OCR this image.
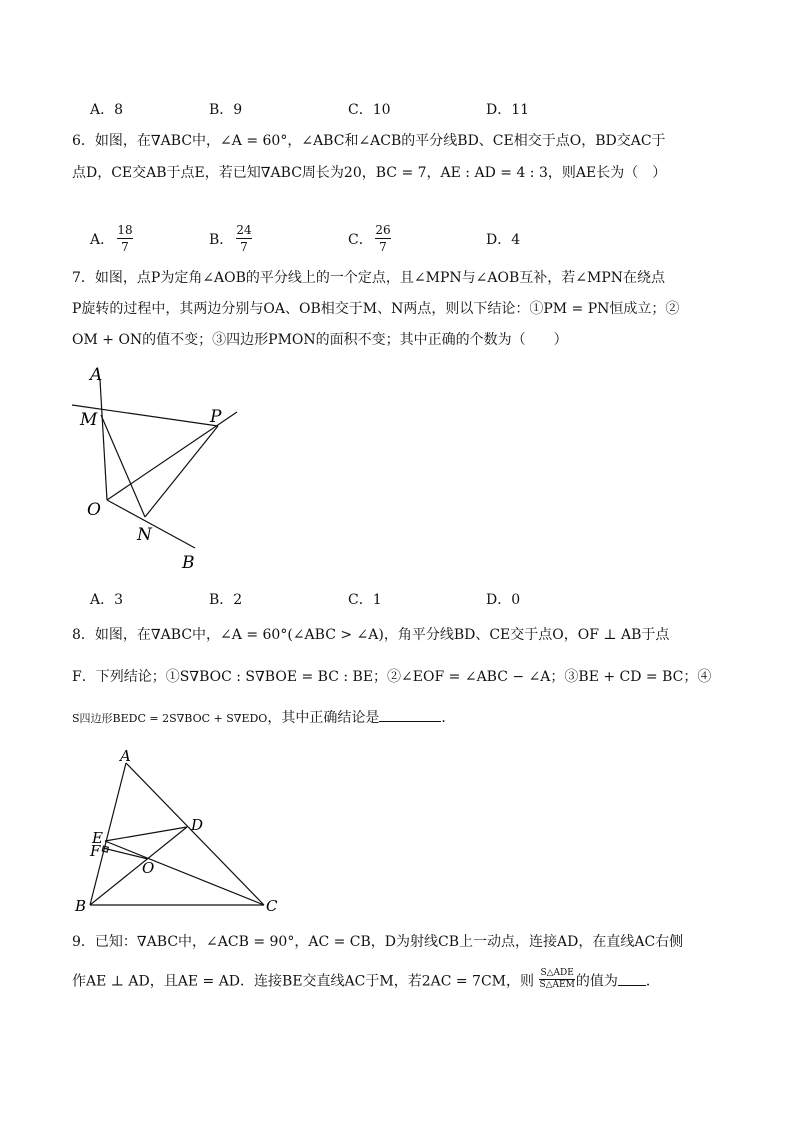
A．8	B．9	C．10	D．11
6．如图，在∇ABC中，∠A = 60°，∠ABC和∠ACB的平分线BD、CE相交于点O，BD交AC于
点D，CE交AB于点E，若已知∇ABC周长为20，BC = 7，AE : AD = 4 : 3，则AE长为（　）
A．
18
7	B．
24
7	C．
26
7	D．4
7．如图，点P为定角∠AOB的平分线上的一个定点，且∠MPN与∠AOB互补，若∠MPN在绕点
P旋转的过程中，其两边分别与OA、OB相交于M、N两点，则以下结论：①PM = PN恒成立；②
OM + ON的值不变；③四边形PMON的面积不变；其中正确的个数为（　　）
A
M	P
O
N
B
A．3	B．2	C．1	D．0
8．如图，在∇ABC中，∠A = 60°(∠ABC > ∠A)，角平分线BD、CE交于点O，OF ⊥ AB于点
F．下列结论；①S∇BOC : S∇BOE = BC : BE；②∠EOF = ∠ABC − ∠A；③BE + CD = BC；④
S四边形BEDC = 2S∇BOC + S∇EDO，其中正确结论是	．
A
D
E
F
O
B	C
9．已知：∇ABC中，∠ACB = 90°，AC = CB，D为射线CB上一动点，连接AD，在直线AC右侧
作AE ⊥ AD，且AE = AD．连接BE交直线AC于M，若2AC = 7CM，则
S△ADE
S△AEM 的值为 ．
